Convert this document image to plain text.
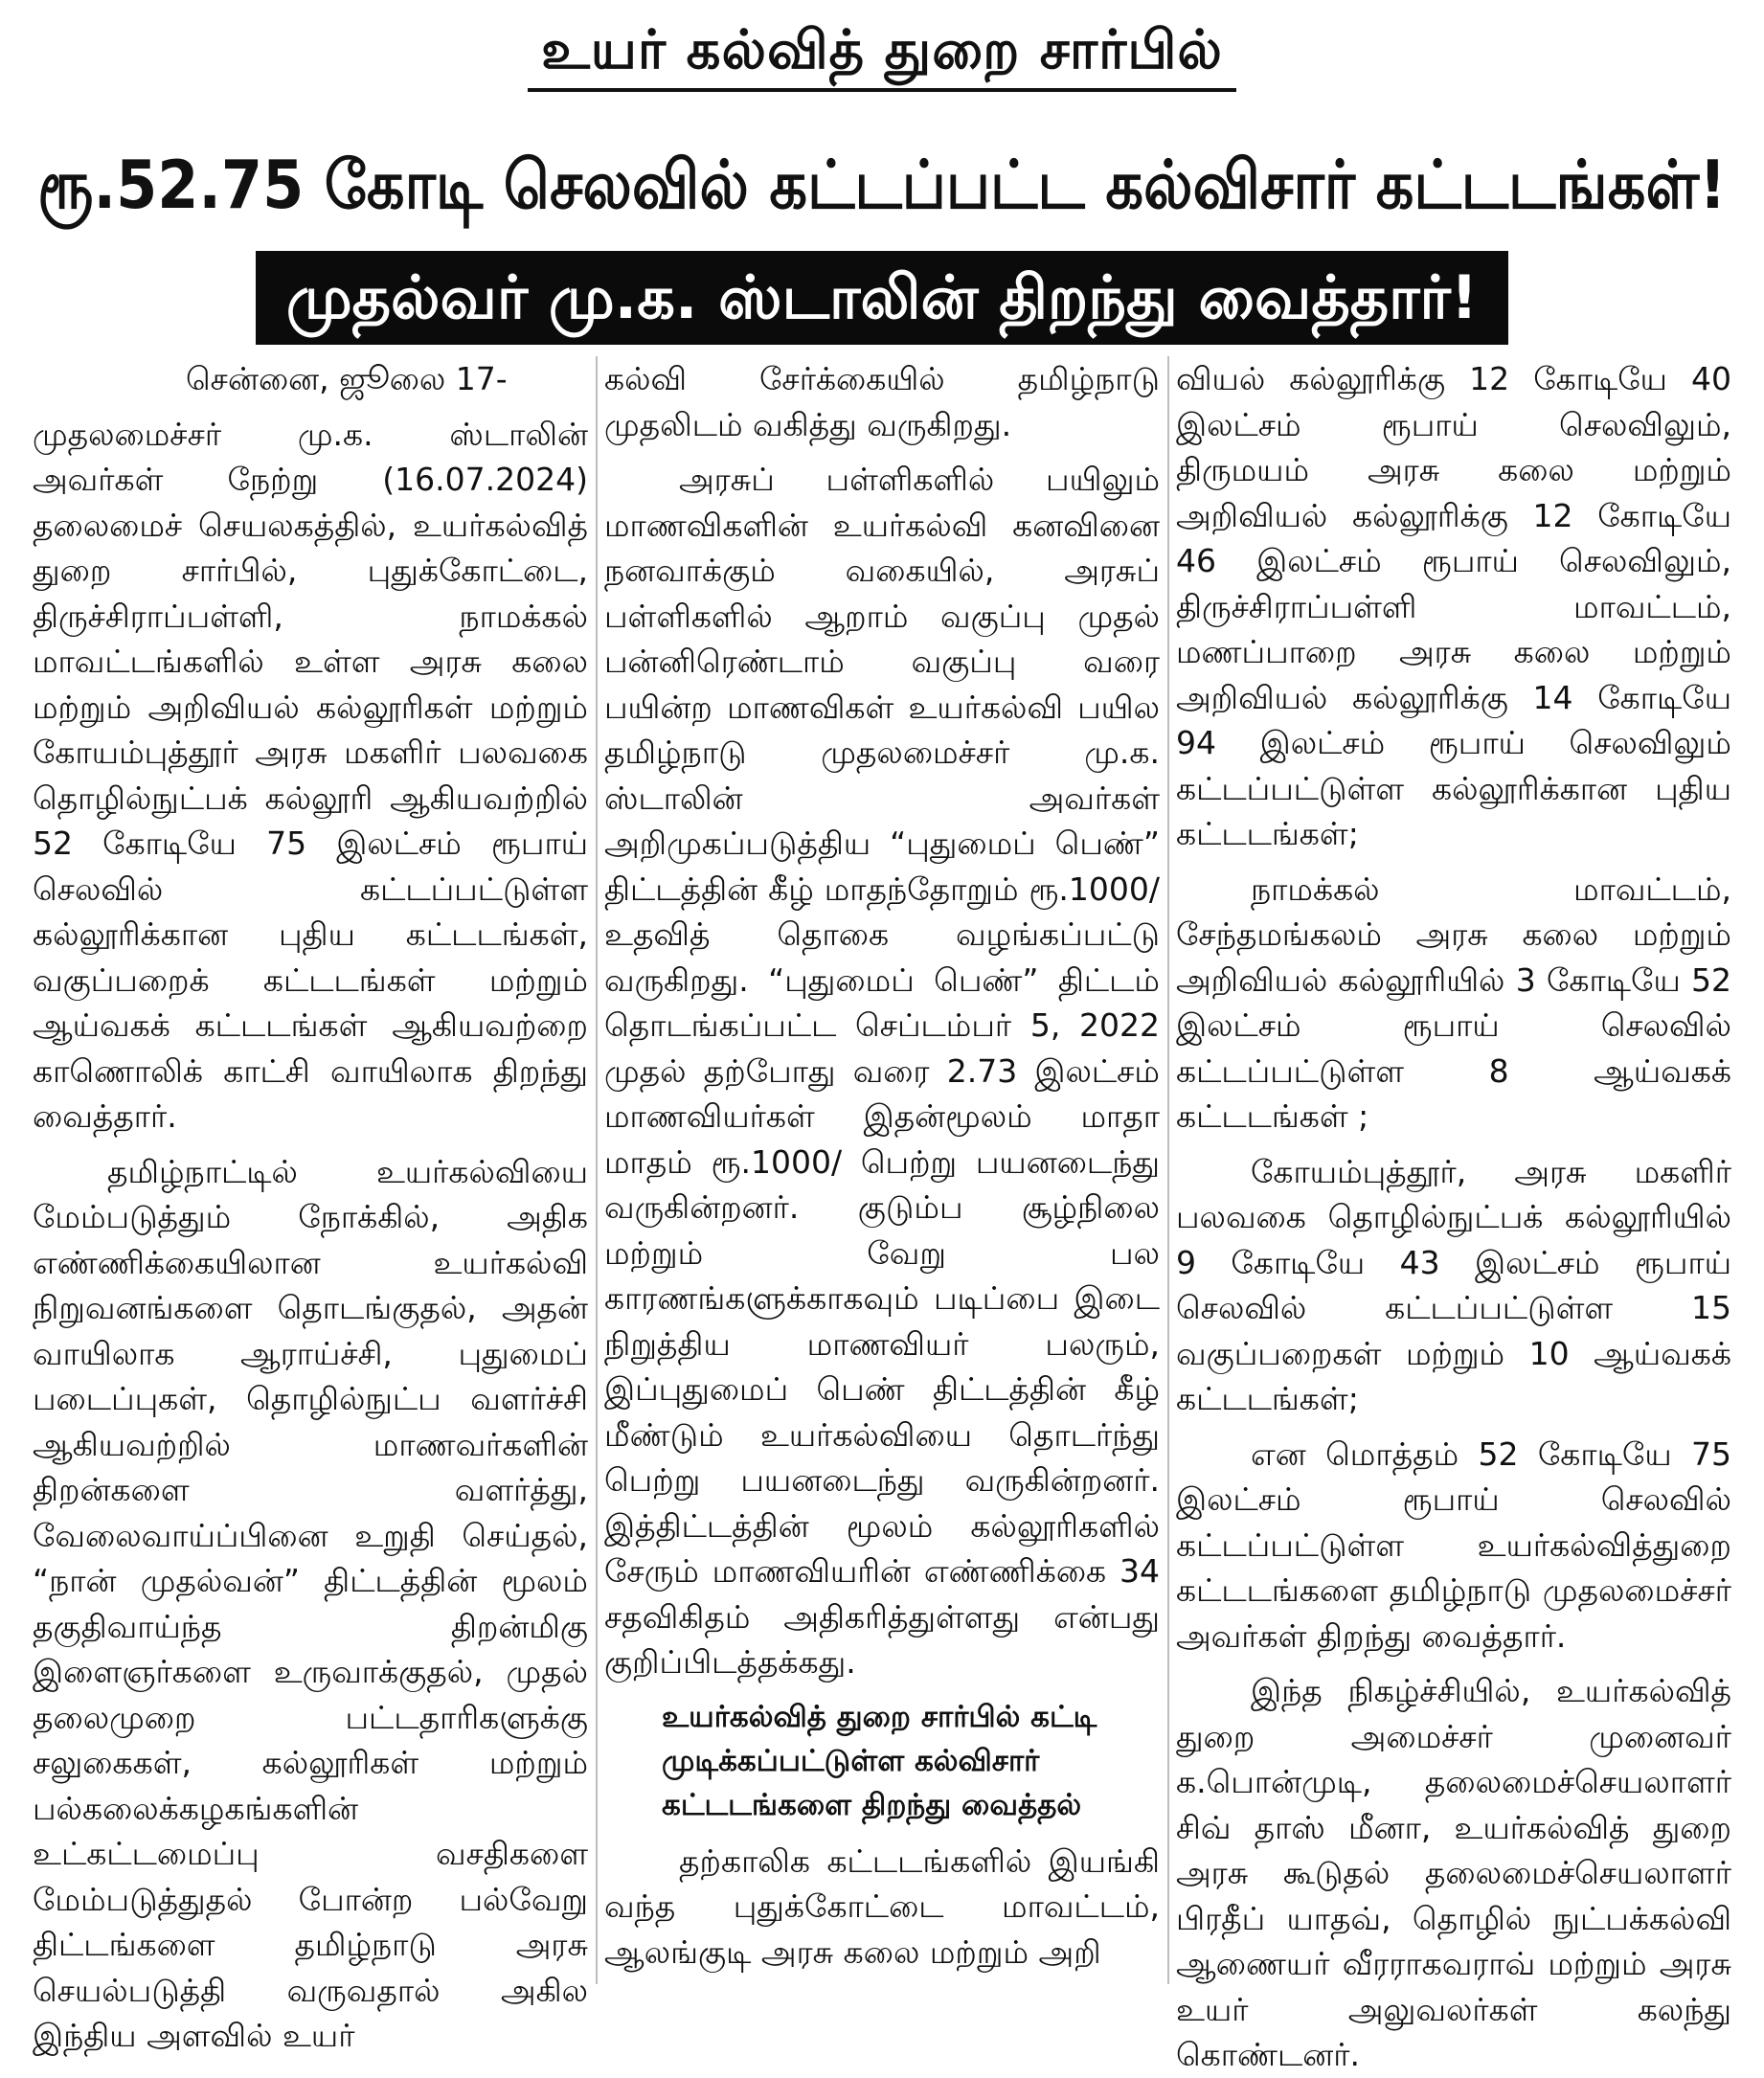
உயர் கல்வித் துறை சார்பில்
ரூ.52.75 கோடி செலவில் கட்டப்பட்ட கல்விசார் கட்டடங்கள்!
முதல்வர் மு.க. ஸ்டாலின் திறந்து வைத்தார்!

சென்னை, ஜூலை 17-

முதலமைச்சர் மு.க. ஸ்டாலின் அவர்கள் நேற்று (16.07.2024) தலைமைச் செயலகத்தில், உயர்கல்வித் துறை சார்பில், புதுக்கோட்டை, திருச்சிராப்பள்ளி, நாமக்கல் மாவட்டங்களில் உள்ள அரசு கலை மற்றும் அறிவியல் கல்லூரிகள் மற்றும் கோயம்புத்தூர் அரசு மகளிர் பலவகை தொழில்நுட்பக் கல்லூரி ஆகியவற்றில் 52 கோடியே 75 இலட்சம் ரூபாய் செலவில் கட்டப்பட்டுள்ள கல்லூரிக்கான புதிய கட்டடங்கள், வகுப்பறைக் கட்டடங்கள் மற்றும் ஆய்வகக் கட்டடங்கள் ஆகியவற்றை காணொலிக் காட்சி வாயிலாக திறந்து வைத்தார்.

தமிழ்நாட்டில் உயர்கல்வியை மேம்படுத்தும் நோக்கில், அதிக எண்ணிக்கையிலான உயர்கல்வி நிறுவனங்களை தொடங்குதல், அதன் வாயிலாக ஆராய்ச்சி, புதுமைப் படைப்புகள், தொழில்நுட்ப வளர்ச்சி ஆகியவற்றில் மாணவர்களின் திறன்களை வளர்த்து, வேலைவாய்ப்பினை உறுதி செய்தல், “நான் முதல்வன்” திட்டத்தின் மூலம் தகுதிவாய்ந்த திறன்மிகு இளைஞர்களை உருவாக்குதல், முதல் தலைமுறை பட்டதாரிகளுக்கு சலுகைகள், கல்லூரிகள் மற்றும் பல்கலைக்கழகங்களின் உட்கட்டமைப்பு வசதிகளை மேம்படுத்துதல் போன்ற பல்வேறு திட்டங்களை தமிழ்நாடு அரசு செயல்படுத்தி வருவதால் அகில இந்திய அளவில் உயர்

கல்வி சேர்க்கையில் தமிழ்நாடு முதலிடம் வகித்து வருகிறது.

அரசுப் பள்ளிகளில் பயிலும் மாணவிகளின் உயர்கல்வி கனவினை நனவாக்கும் வகையில், அரசுப் பள்ளிகளில் ஆறாம் வகுப்பு முதல் பன்னிரெண்டாம் வகுப்பு வரை பயின்ற மாணவிகள் உயர்கல்வி பயில தமிழ்நாடு முதலமைச்சர் மு.க. ஸ்டாலின் அவர்கள் அறிமுகப்படுத்திய “புதுமைப் பெண்” திட்டத்தின் கீழ் மாதந்தோறும் ரூ.1000/ உதவித் தொகை வழங்கப்பட்டு வருகிறது. “புதுமைப் பெண்” திட்டம் தொடங்கப்பட்ட செப்டம்பர் 5, 2022 முதல் தற்போது வரை 2.73 இலட்சம் மாணவியர்கள் இதன்மூலம் மாதா மாதம் ரூ.1000/ பெற்று பயனடைந்து வருகின்றனர். குடும்ப சூழ்நிலை மற்றும் வேறு பல காரணங்களுக்காகவும் படிப்பை இடை நிறுத்திய மாணவியர் பலரும், இப்புதுமைப் பெண் திட்டத்தின் கீழ் மீண்டும் உயர்கல்வியை தொடர்ந்து பெற்று பயனடைந்து வருகின்றனர். இத்திட்டத்தின் மூலம் கல்லூரிகளில் சேரும் மாணவியரின் எண்ணிக்கை 34 சதவிகிதம் அதிகரித்துள்ளது என்பது குறிப்பிடத்தக்கது.

உயர்கல்வித் துறை சார்பில் கட்டி முடிக்கப்பட்டுள்ள கல்விசார் கட்டடங்களை திறந்து வைத்தல்

தற்காலிக கட்டடங்களில் இயங்கி வந்த புதுக்கோட்டை மாவட்டம், ஆலங்குடி அரசு கலை மற்றும் அறி

வியல் கல்லூரிக்கு 12 கோடியே 40 இலட்சம் ரூபாய் செலவிலும், திருமயம் அரசு கலை மற்றும் அறிவியல் கல்லூரிக்கு 12 கோடியே 46 இலட்சம் ரூபாய் செலவிலும், திருச்சிராப்பள்ளி மாவட்டம், மணப்பாறை அரசு கலை மற்றும் அறிவியல் கல்லூரிக்கு 14 கோடியே 94 இலட்சம் ரூபாய் செலவிலும் கட்டப்பட்டுள்ள கல்லூரிக்கான புதிய கட்டடங்கள்;

நாமக்கல் மாவட்டம், சேந்தமங்கலம் அரசு கலை மற்றும் அறிவியல் கல்லூரியில் 3 கோடியே 52 இலட்சம் ரூபாய் செலவில் கட்டப்பட்டுள்ள 8 ஆய்வகக் கட்டடங்கள் ;

கோயம்புத்தூர், அரசு மகளிர் பலவகை தொழில்நுட்பக் கல்லூரியில் 9 கோடியே 43 இலட்சம் ரூபாய் செலவில் கட்டப்பட்டுள்ள 15 வகுப்பறைகள் மற்றும் 10 ஆய்வகக் கட்டடங்கள்;

என மொத்தம் 52 கோடியே 75 இலட்சம் ரூபாய் செலவில் கட்டப்பட்டுள்ள உயர்கல்வித்துறை கட்டடங்களை தமிழ்நாடு முதலமைச்சர் அவர்கள் திறந்து வைத்தார்.

இந்த நிகழ்ச்சியில், உயர்கல்வித் துறை அமைச்சர் முனைவர் க.பொன்முடி, தலைமைச்செயலாளர் சிவ் தாஸ் மீனா, உயர்கல்வித் துறை அரசு கூடுதல் தலைமைச்செயலாளர் பிரதீப் யாதவ், தொழில் நுட்பக்கல்வி ஆணையர் வீரராகவராவ் மற்றும் அரசு உயர் அலுவலர்கள் கலந்து கொண்டனர்.
